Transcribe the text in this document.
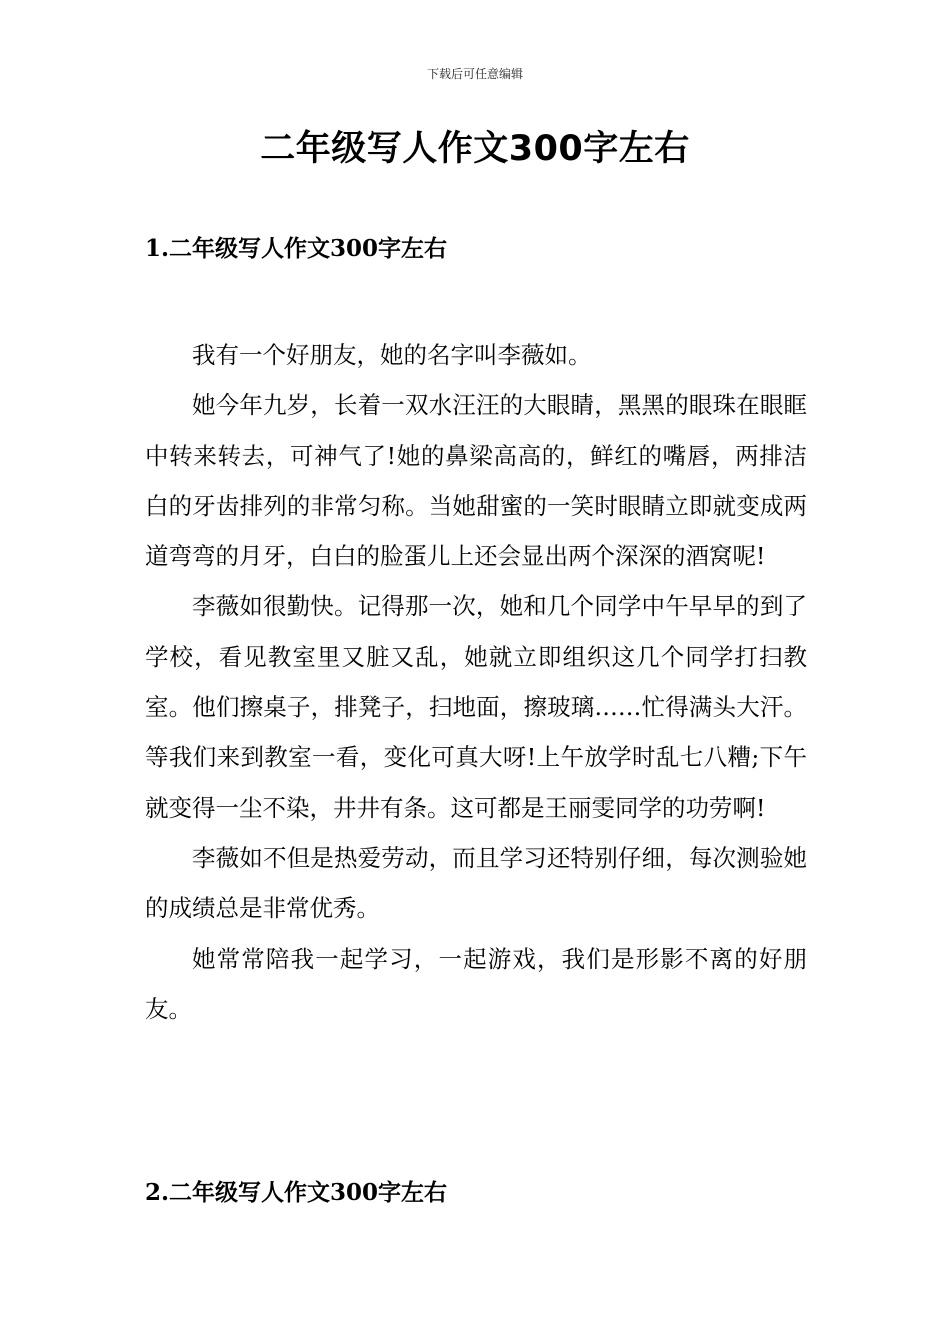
下载后可任意编辑
二年级写人作文300字左右
1.二年级写人作文300字左右

我有一个好朋友，她的名字叫李薇如。

她今年九岁，长着一双水汪汪的大眼睛，黑黑的眼珠在眼眶中转来转去，可神气了!她的鼻梁高高的，鲜红的嘴唇，两排洁白的牙齿排列的非常匀称。当她甜蜜的一笑时眼睛立即就变成两道弯弯的月牙，白白的脸蛋儿上还会显出两个深深的酒窝呢!

李薇如很勤快。记得那一次，她和几个同学中午早早的到了学校，看见教室里又脏又乱，她就立即组织这几个同学打扫教室。他们擦桌子，排凳子，扫地面，擦玻璃……忙得满头大汗。等我们来到教室一看，变化可真大呀!上午放学时乱七八糟;下午就变得一尘不染，井井有条。这可都是王丽雯同学的功劳啊!

李薇如不但是热爱劳动，而且学习还特别仔细，每次测验她的成绩总是非常优秀。

她常常陪我一起学习，一起游戏，我们是形影不离的好朋友。

2.二年级写人作文300字左右
